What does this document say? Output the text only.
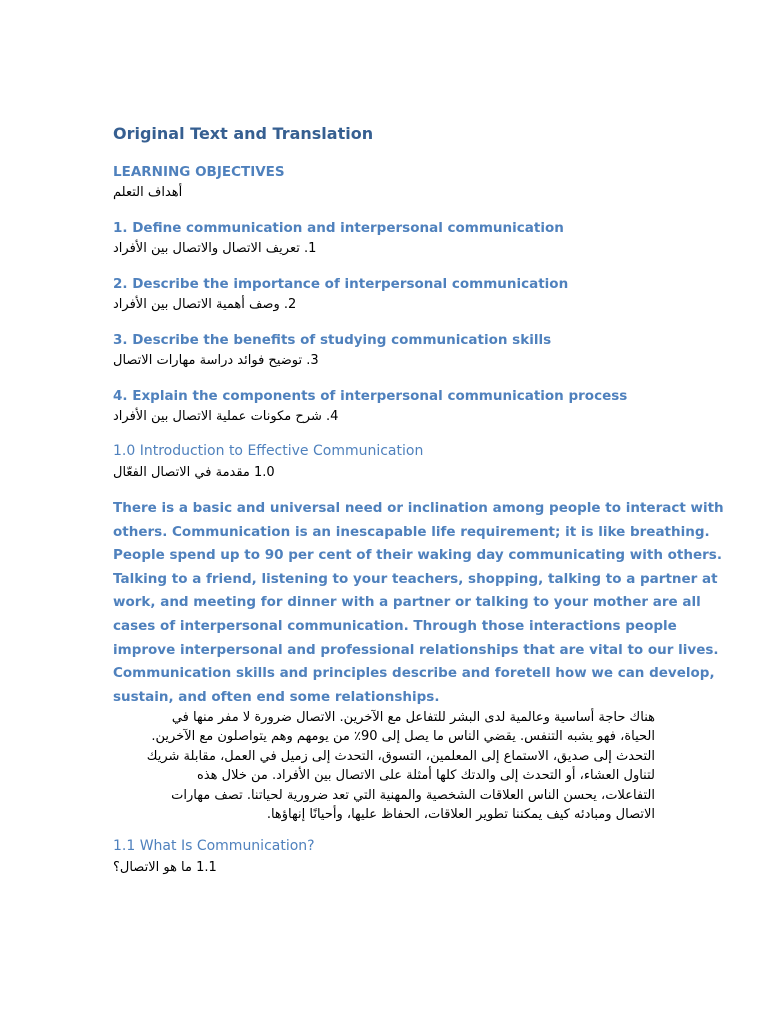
Original Text and Translation
LEARNING OBJECTIVES
أهداف التعلم
1. Define communication and interpersonal communication
1. تعريف الاتصال والاتصال بين الأفراد
2. Describe the importance of interpersonal communication
2. وصف أهمية الاتصال بين الأفراد
3. Describe the benefits of studying communication skills
3. توضيح فوائد دراسة مهارات الاتصال
4. Explain the components of interpersonal communication process
4. شرح مكونات عملية الاتصال بين الأفراد
1.0 Introduction to Effective Communication
1.0 مقدمة في الاتصال الفعّال
There is a basic and universal need or inclination among people to interact with
others. Communication is an inescapable life requirement; it is like breathing.
People spend up to 90 per cent of their waking day communicating with others.
Talking to a friend, listening to your teachers, shopping, talking to a partner at
work, and meeting for dinner with a partner or talking to your mother are all
cases of interpersonal communication. Through those interactions people
improve interpersonal and professional relationships that are vital to our lives.
Communication skills and principles describe and foretell how we can develop,
sustain, and often end some relationships.
هناك حاجة أساسية وعالمية لدى البشر للتفاعل مع الآخرين. الاتصال ضرورة لا مفر منها في
الحياة، فهو يشبه التنفس. يقضي الناس ما يصل إلى 90٪ من يومهم وهم يتواصلون مع الآخرين.
التحدث إلى صديق، الاستماع إلى المعلمين، التسوق، التحدث إلى زميل في العمل، مقابلة شريك
لتناول العشاء، أو التحدث إلى والدتك كلها أمثلة على الاتصال بين الأفراد. من خلال هذه
التفاعلات، يحسن الناس العلاقات الشخصية والمهنية التي تعد ضرورية لحياتنا. تصف مهارات
الاتصال ومبادئه كيف يمكننا تطوير العلاقات، الحفاظ عليها، وأحيانًا إنهاؤها.
1.1 What Is Communication?
1.1 ما هو الاتصال؟
